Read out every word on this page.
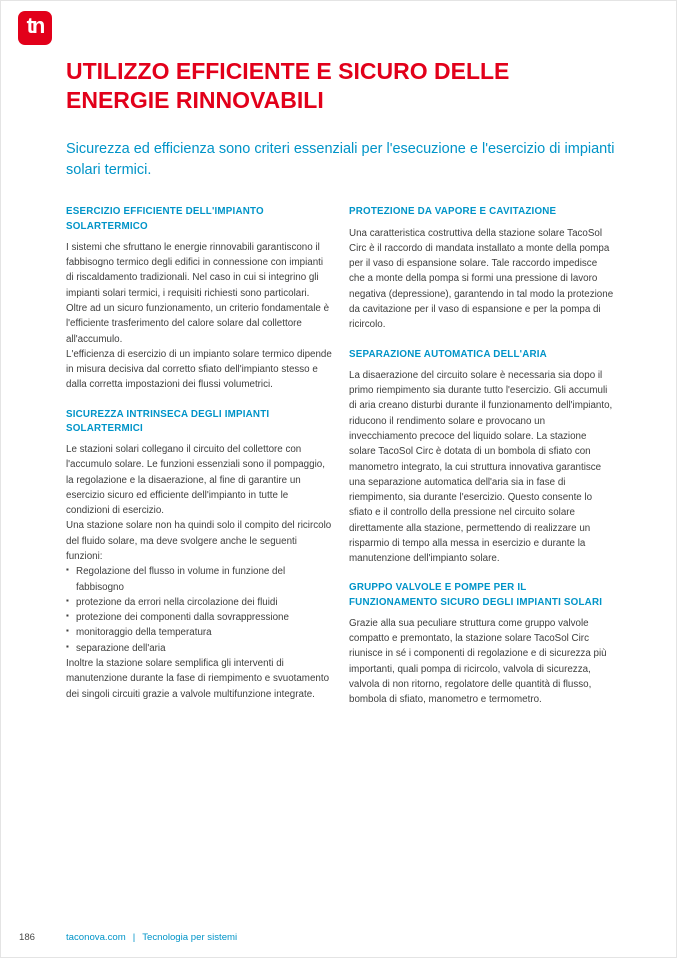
tn
UTILIZZO EFFICIENTE E SICURO DELLE ENERGIE RINNOVABILI

Sicurezza ed efficienza sono criteri essenziali per l'esecuzione e l'esercizio di impianti solari termici.

ESERCIZIO EFFICIENTE DELL'IMPIANTO SOLARTERMICO

I sistemi che sfruttano le energie rinnovabili garantiscono il fabbisogno termico degli edifici in connessione con impianti di riscaldamento tradizionali. Nel caso in cui si integrino gli impianti solari termici, i requisiti richiesti sono particolari. Oltre ad un sicuro funzionamento, un criterio fondamentale è l'efficiente trasferimento del calore solare dal collettore all'accumulo.

L'efficienza di esercizio di un impianto solare termico dipende in misura decisiva dal corretto sfiato dell'impianto stesso e dalla corretta impostazioni dei flussi volumetrici.

SICUREZZA INTRINSECA DEGLI IMPIANTI SOLARTERMICI

Le stazioni solari collegano il circuito del collettore con l'accumulo solare. Le funzioni essenziali sono il pompaggio, la regolazione e la disaerazione, al fine di garantire un esercizio sicuro ed efficiente dell'impianto in tutte le condizioni di esercizio.

Una stazione solare non ha quindi solo il compito del ricircolo del fluido solare, ma deve svolgere anche le seguenti funzioni:

▪ Regolazione del flusso in volume in funzione del fabbisogno
▪ protezione da errori nella circolazione dei fluidi
▪ protezione dei componenti dalla sovrappressione
▪ monitoraggio della temperatura
▪ separazione dell'aria

Inoltre la stazione solare semplifica gli interventi di manutenzione durante la fase di riempimento e svuotamento dei singoli circuiti grazie a valvole multifunzione integrate.

PROTEZIONE DA VAPORE E CAVITAZIONE

Una caratteristica costruttiva della stazione solare TacoSol Circ è il raccordo di mandata installato a monte della pompa per il vaso di espansione solare. Tale raccordo impedisce che a monte della pompa si formi una pressione di lavoro negativa (depressione), garantendo in tal modo la protezione da cavitazione per il vaso di espansione e per la pompa di ricircolo.

SEPARAZIONE AUTOMATICA DELL'ARIA

La disaerazione del circuito solare è necessaria sia dopo il primo riempimento sia durante tutto l'esercizio. Gli accumuli di aria creano disturbi durante il funzionamento dell'impianto, riducono il rendimento solare e provocano un invecchiamento precoce del liquido solare. La stazione solare TacoSol Circ è dotata di un bombola di sfiato con manometro integrato, la cui struttura innovativa garantisce una separazione automatica dell'aria sia in fase di riempimento, sia durante l'esercizio. Questo consente lo sfiato e il controllo della pressione nel circuito solare direttamente alla stazione, permettendo di realizzare un risparmio di tempo alla messa in esercizio e durante la manutenzione dell'impianto solare.

GRUPPO VALVOLE E POMPE PER IL FUNZIONAMENTO SICURO DEGLI IMPIANTI SOLARI

Grazie alla sua peculiare struttura come gruppo valvole compatto e premontato, la stazione solare TacoSol Circ riunisce in sé i componenti di regolazione e di sicurezza più importanti, quali pompa di ricircolo, valvola di sicurezza, valvola di non ritorno, regolatore delle quantità di flusso, bombola di sfiato, manometro e termometro.

186	taconova.com | Tecnologia per sistemi
